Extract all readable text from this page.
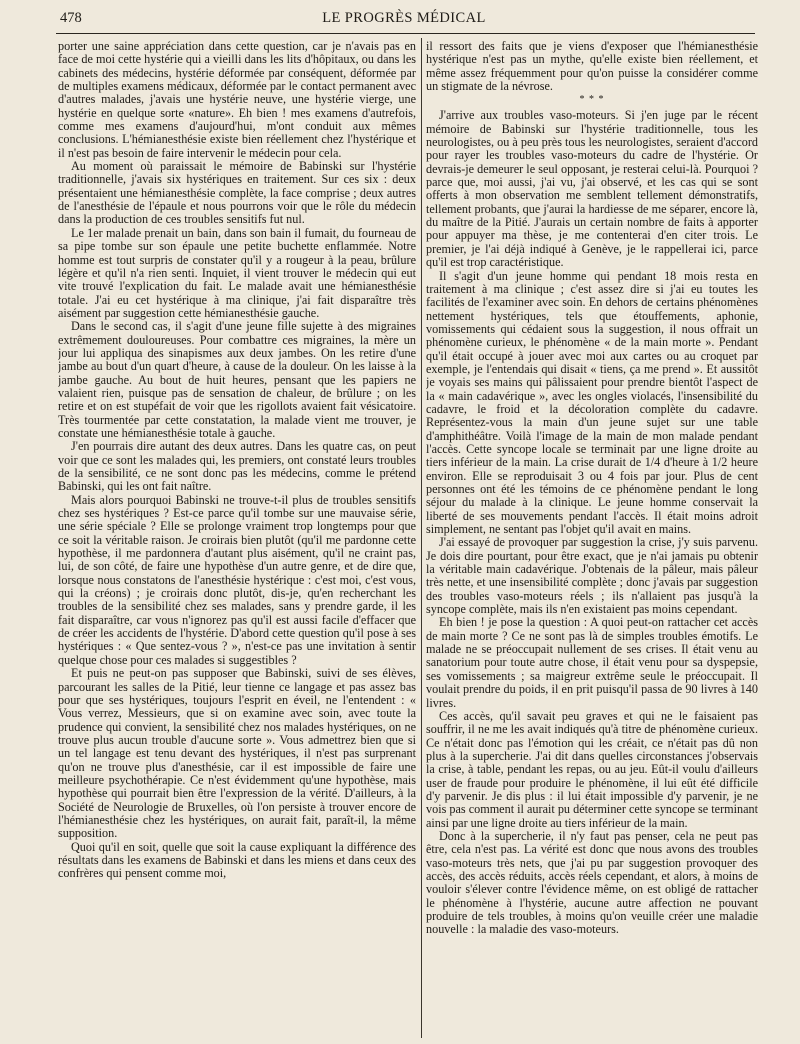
478	LE PROGRÈS MÉDICAL

porter une saine appréciation dans cette question, car je n'avais pas en face de moi cette hystérie qui a vieilli dans les lits d'hôpitaux, ou dans les cabinets des médecins, hystérie déformée par conséquent, déformée par de multiples examens médicaux, déformée par le contact permanent avec d'autres malades, j'avais une hystérie neuve, une hystérie vierge, une hystérie en quelque sorte «nature». Eh bien ! mes examens d'autrefois, comme mes examens d'aujourd'hui, m'ont conduit aux mêmes conclusions. L'hémianesthésie existe bien réellement chez l'hystérique et il n'est pas besoin de faire intervenir le médecin pour cela.

Au moment où paraissait le mémoire de Babinski sur l'hystérie traditionnelle, j'avais six hystériques en traitement. Sur ces six : deux présentaient une hémianesthésie complète, la face comprise ; deux autres de l'anesthésie de l'épaule et nous pourrons voir que le rôle du médecin dans la production de ces troubles sensitifs fut nul.

Le 1er malade prenait un bain, dans son bain il fumait, du fourneau de sa pipe tombe sur son épaule une petite buchette enflammée. Notre homme est tout surpris de constater qu'il y a rougeur à la peau, brûlure légère et qu'il n'a rien senti. Inquiet, il vient trouver le médecin qui eut vite trouvé l'explication du fait. Le malade avait une hémianesthésie totale. J'ai eu cet hystérique à ma clinique, j'ai fait disparaître très aisément par suggestion cette hémianesthésie gauche.

Dans le second cas, il s'agit d'une jeune fille sujette à des migraines extrêmement douloureuses. Pour combattre ces migraines, la mère un jour lui appliqua des sinapismes aux deux jambes. On les retire d'une jambe au bout d'un quart d'heure, à cause de la douleur. On les laisse à la jambe gauche. Au bout de huit heures, pensant que les papiers ne valaient rien, puisque pas de sensation de chaleur, de brûlure ; on les retire et on est stupéfait de voir que les rigollots avaient fait vésicatoire. Très tourmentée par cette constatation, la malade vient me trouver, je constate une hémianesthésie totale à gauche.

J'en pourrais dire autant des deux autres. Dans les quatre cas, on peut voir que ce sont les malades qui, les premiers, ont constaté leurs troubles de la sensibilité, ce ne sont donc pas les médecins, comme le prétend Babinski, qui les ont fait naître.

Mais alors pourquoi Babinski ne trouve-t-il plus de troubles sensitifs chez ses hystériques ? Est-ce parce qu'il tombe sur une mauvaise série, une série spéciale ? Elle se prolonge vraiment trop longtemps pour que ce soit la véritable raison. Je croirais bien plutôt (qu'il me pardonne cette hypothèse, il me pardonnera d'autant plus aisément, qu'il ne craint pas, lui, de son côté, de faire une hypothèse d'un autre genre, et de dire que, lorsque nous constatons de l'anesthésie hystérique : c'est moi, c'est vous, qui la créons) ; je croirais donc plutôt, dis-je, qu'en recherchant les troubles de la sensibilité chez ses malades, sans y prendre garde, il les fait disparaître, car vous n'ignorez pas qu'il est aussi facile d'effacer que de créer les accidents de l'hystérie. D'abord cette question qu'il pose à ses hystériques : « Que sentez-vous ? », n'est-ce pas une invitation à sentir quelque chose pour ces malades si suggestibles ?

Et puis ne peut-on pas supposer que Babinski, suivi de ses élèves, parcourant les salles de la Pitié, leur tienne ce langage et pas assez bas pour que ses hystériques, toujours l'esprit en éveil, ne l'entendent : « Vous verrez, Messieurs, que si on examine avec soin, avec toute la prudence qui convient, la sensibilité chez nos malades hystériques, on ne trouve plus aucun trouble d'aucune sorte ». Vous admettrez bien que si un tel langage est tenu devant des hystériques, il n'est pas surprenant qu'on ne trouve plus d'anesthésie, car il est impossible de faire une meilleure psychothérapie. Ce n'est évidemment qu'une hypothèse, mais hypothèse qui pourrait bien être l'expression de la vérité. D'ailleurs, à la Société de Neurologie de Bruxelles, où l'on persiste à trouver encore de l'hémianesthésie chez les hystériques, on aurait fait, paraît-il, la même supposition.

Quoi qu'il en soit, quelle que soit la cause expliquant la différence des résultats dans les examens de Babinski et dans les miens et dans ceux des confrères qui pensent comme moi,

il ressort des faits que je viens d'exposer que l'hémianesthésie hystérique n'est pas un mythe, qu'elle existe bien réellement, et même assez fréquemment pour qu'on puisse la considérer comme un stigmate de la névrose.

* * *

J'arrive aux troubles vaso-moteurs. Si j'en juge par le récent mémoire de Babinski sur l'hystérie traditionnelle, tous les neurologistes, ou à peu près tous les neurologistes, seraient d'accord pour rayer les troubles vaso-moteurs du cadre de l'hystérie. Or devrais-je demeurer le seul opposant, je resterai celui-là. Pourquoi ? parce que, moi aussi, j'ai vu, j'ai observé, et les cas qui se sont offerts à mon observation me semblent tellement démonstratifs, tellement probants, que j'aurai la hardiesse de me séparer, encore là, du maître de la Pitié. J'aurais un certain nombre de faits à apporter pour appuyer ma thèse, je me contenterai d'en citer trois. Le premier, je l'ai déjà indiqué à Genève, je le rappellerai ici, parce qu'il est trop caractéristique.

Il s'agit d'un jeune homme qui pendant 18 mois resta en traitement à ma clinique ; c'est assez dire si j'ai eu toutes les facilités de l'examiner avec soin. En dehors de certains phénomènes nettement hystériques, tels que étouffements, aphonie, vomissements qui cédaient sous la suggestion, il nous offrait un phénomène curieux, le phénomène « de la main morte ». Pendant qu'il était occupé à jouer avec moi aux cartes ou au croquet par exemple, je l'entendais qui disait « tiens, ça me prend ». Et aussitôt je voyais ses mains qui pâlissaient pour prendre bientôt l'aspect de la « main cadavérique », avec les ongles violacés, l'insensibilité du cadavre, le froid et la décoloration complète du cadavre. Représentez-vous la main d'un jeune sujet sur une table d'amphithéâtre. Voilà l'image de la main de mon malade pendant l'accès. Cette syncope locale se terminait par une ligne droite au tiers inférieur de la main. La crise durait de 1/4 d'heure à 1/2 heure environ. Elle se reproduisait 3 ou 4 fois par jour. Plus de cent personnes ont été les témoins de ce phénomène pendant le long séjour du malade à la clinique. Le jeune homme conservait la liberté de ses mouvements pendant l'accès. Il était moins adroit simplement, ne sentant pas l'objet qu'il avait en mains.

J'ai essayé de provoquer par suggestion la crise, j'y suis parvenu. Je dois dire pourtant, pour être exact, que je n'ai jamais pu obtenir la véritable main cadavérique. J'obtenais de la pâleur, mais pâleur très nette, et une insensibilité complète ; donc j'avais par suggestion des troubles vaso-moteurs réels ; ils n'allaient pas jusqu'à la syncope complète, mais ils n'en existaient pas moins cependant.

Eh bien ! je pose la question : A quoi peut-on rattacher cet accès de main morte ? Ce ne sont pas là de simples troubles émotifs. Le malade ne se préoccupait nullement de ses crises. Il était venu au sanatorium pour toute autre chose, il était venu pour sa dyspepsie, ses vomissements ; sa maigreur extrême seule le préoccupait. Il voulait prendre du poids, il en prit puisqu'il passa de 90 livres à 140 livres.

Ces accès, qu'il savait peu graves et qui ne le faisaient pas souffrir, il ne me les avait indiqués qu'à titre de phénomène curieux. Ce n'était donc pas l'émotion qui les créait, ce n'était pas dû non plus à la supercherie. J'ai dit dans quelles circonstances j'observais la crise, à table, pendant les repas, ou au jeu. Eût-il voulu d'ailleurs user de fraude pour produire le phénomène, il lui eût été difficile d'y parvenir. Je dis plus : il lui était impossible d'y parvenir, je ne vois pas comment il aurait pu déterminer cette syncope se terminant ainsi par une ligne droite au tiers inférieur de la main.

Donc à la supercherie, il n'y faut pas penser, cela ne peut pas être, cela n'est pas. La vérité est donc que nous avons des troubles vaso-moteurs très nets, que j'ai pu par suggestion provoquer des accès, des accès réduits, accès réels cependant, et alors, à moins de vouloir s'élever contre l'évidence même, on est obligé de rattacher le phénomène à l'hystérie, aucune autre affection ne pouvant produire de tels troubles, à moins qu'on veuille créer une maladie nouvelle : la maladie des vaso-moteurs.
